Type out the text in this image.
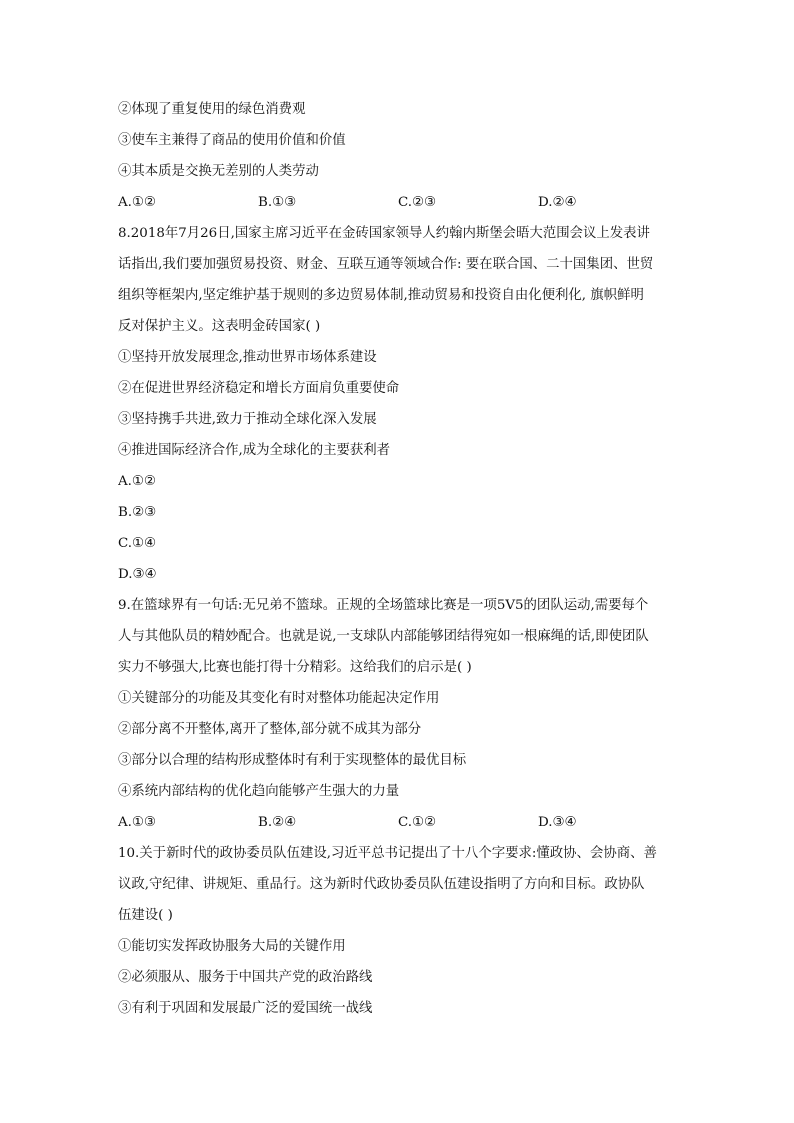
②体现了重复使用的绿色消费观
③使车主兼得了商品的使用价值和价值
④其本质是交换无差别的人类劳动
A.①②	B.①③	C.②③	D.②④
8.2018年7月26日,国家主席习近平在金砖国家领导人约翰内斯堡会晤大范围会议上发表讲
话指出,我们要加强贸易投资、财金、互联互通等领域合作: 要在联合国、二十国集团、世贸
组织等框架内,坚定维护基于规则的多边贸易体制,推动贸易和投资自由化便利化, 旗帜鲜明
反对保护主义。这表明金砖国家( )
①坚持开放发展理念,推动世界市场体系建设
②在促进世界经济稳定和增长方面肩负重要使命
③坚持携手共进,致力于推动全球化深入发展
④推进国际经济合作,成为全球化的主要获利者
A.①②
B.②③
C.①④
D.③④
9.在篮球界有一句话:无兄弟不篮球。正规的全场篮球比赛是一项5V5的团队运动,需要每个
人与其他队员的精妙配合。也就是说,一支球队内部能够团结得宛如一根麻绳的话,即使团队
实力不够强大,比赛也能打得十分精彩。这给我们的启示是( )
①关键部分的功能及其变化有时对整体功能起决定作用
②部分离不开整体,离开了整体,部分就不成其为部分
③部分以合理的结构形成整体时有利于实现整体的最优目标
④系统内部结构的优化趋向能够产生强大的力量
A.①③	B.②④	C.①②	D.③④
10.关于新时代的政协委员队伍建设,习近平总书记提出了十八个字要求:懂政协、会协商、善
议政,守纪律、讲规矩、重品行。这为新时代政协委员队伍建设指明了方向和目标。政协队
伍建设( )
①能切实发挥政协服务大局的关键作用
②必须服从、服务于中国共产党的政治路线
③有利于巩固和发展最广泛的爱国统一战线
